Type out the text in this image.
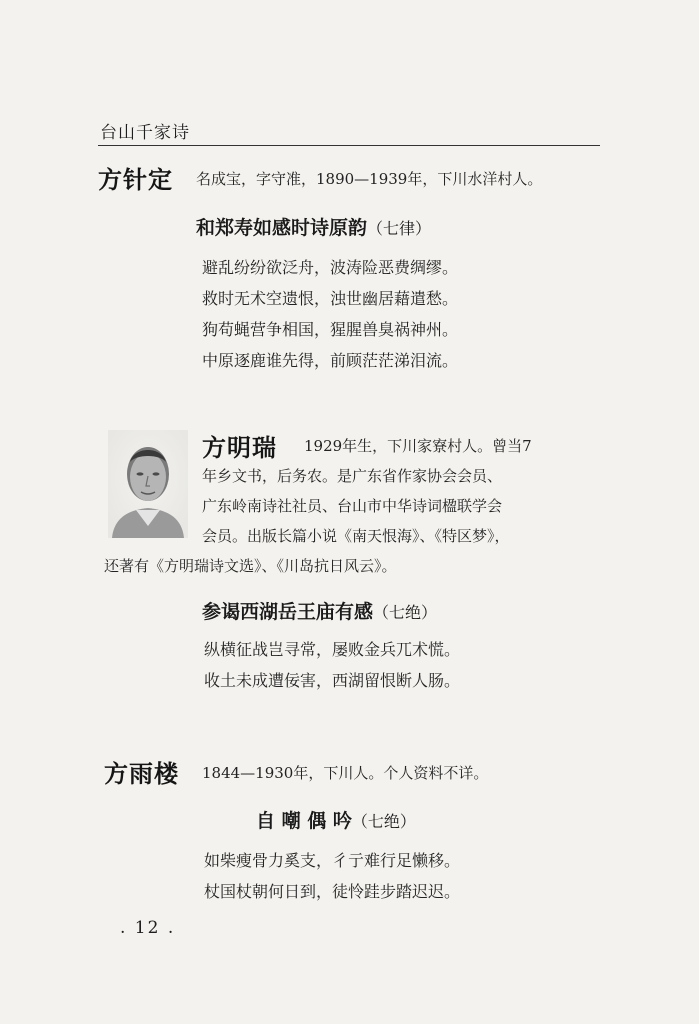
台山千家诗
方针定 名成宝，字守准，1890—1939年，下川水洋村人。
和郑寿如感时诗原韵（七律）
避乱纷纷欲泛舟，波涛险恶费绸缪。
救时无术空遗恨，浊世幽居藉遣愁。
狗苟蝇营争相国，猩腥兽臭祸神州。
中原逐鹿谁先得，前顾茫茫涕泪流。
方明瑞 1929年生，下川家寮村人。曾当7
年乡文书，后务农。是广东省作家协会会员、
广东岭南诗社社员、台山市中华诗词楹联学会
会员。出版长篇小说《南天恨海》、《特区梦》，
还著有《方明瑞诗文选》、《川岛抗日风云》。
参谒西湖岳王庙有感（七绝）
纵横征战岂寻常，屡败金兵兀术慌。
收土未成遭佞害，西湖留恨断人肠。
方雨楼 1844—1930年，下川人。个人资料不详。
自 嘲 偶 吟（七绝）
如柴瘦骨力奚支，彳亍难行足懒移。
杖国杖朝何日到，徒怜跬步踏迟迟。
. 12 .
